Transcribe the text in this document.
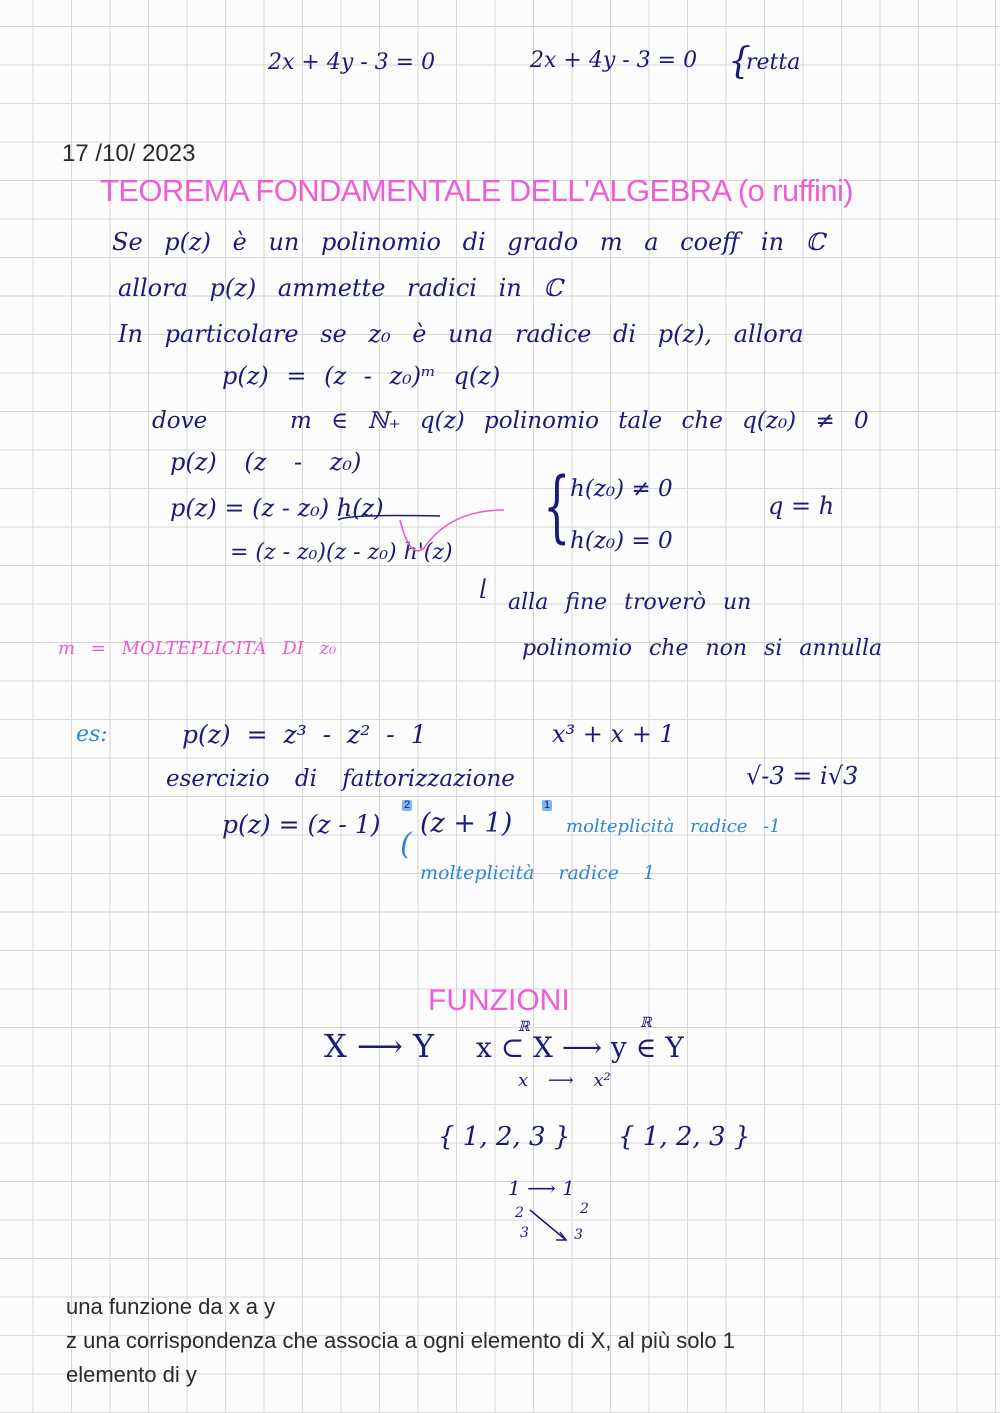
2x + 4y - 3 = 0	2x + 4y - 3 = 0 {
retta
17 /10/ 2023
TEOREMA FONDAMENTALE DELL'ALGEBRA (o ruffini)
Se p(z) è un polinomio di grado m a coeff in ℂ
allora p(z) ammette radici in ℂ
In particolare se z₀ è una radice di p(z), allora
p(z) = (z - z₀)ᵐ q(z)
dove	m ∈ ℕ₊ q(z) polinomio tale che q(z₀) ≠ 0
p(z) (z - z₀)
p(z) = (z - z₀) h(z)
= (z - z₀)(z - z₀) h'(z)
{ h(z₀) ≠ 0
h(z₀) = 0
q = h
⌊
alla fine troverò un
polinomio che non si annulla
m = MOLTEPLICITÀ DI z₀
es:	p(z) = z³ - z² - 1	x³ + x + 1
esercizio di fattorizzazione	√-3 = i√3
p(z) = (z - 1)
2
(z + 1)
1
molteplicità radice -1
(
molteplicità radice 1
FUNZIONI
X ⟶ Y	ℝ	ℝ
x ⊂ X ⟶ y ∈ Y
x ⟶ x²
{ 1, 2, 3 } { 1, 2, 3 }
1 ⟶ 1
2
3
2
3
una funzione da x a y
z una corrispondenza che associa a ogni elemento di X, al più solo 1
elemento di y
